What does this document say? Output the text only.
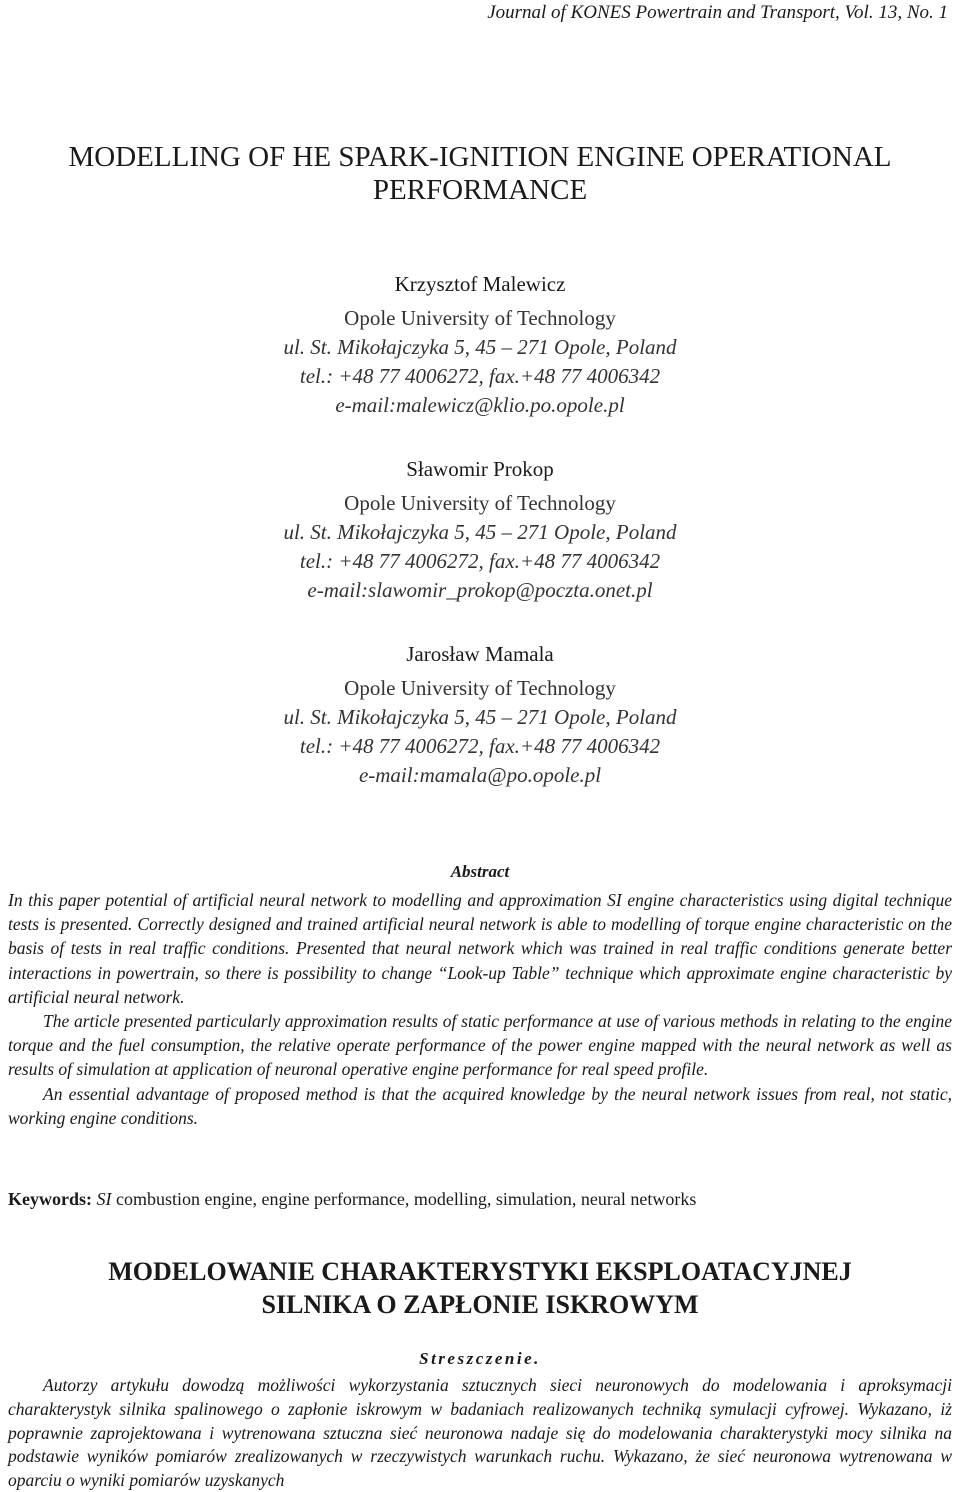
Journal of KONES Powertrain and Transport, Vol. 13, No. 1
MODELLING OF HE SPARK-IGNITION ENGINE OPERATIONAL
PERFORMANCE

Krzysztof Malewicz

Opole University of Technology

ul. St. Mikołajczyka 5, 45 – 271 Opole, Poland

tel.: +48 77 4006272, fax.+48 77 4006342

e-mail:malewicz@klio.po.opole.pl

Sławomir Prokop

Opole University of Technology

ul. St. Mikołajczyka 5, 45 – 271 Opole, Poland

tel.: +48 77 4006272, fax.+48 77 4006342

e-mail:slawomir_prokop@poczta.onet.pl

Jarosław Mamala

Opole University of Technology

ul. St. Mikołajczyka 5, 45 – 271 Opole, Poland

tel.: +48 77 4006272, fax.+48 77 4006342

e-mail:mamala@po.opole.pl

Abstract

In this paper potential of artificial neural network to modelling and approximation SI engine characteristics using digital technique tests is presented. Correctly designed and trained artificial neural network is able to modelling of torque engine characteristic on the basis of tests in real traffic conditions. Presented that neural network which was trained in real traffic conditions generate better interactions in powertrain, so there is possibility to change “Look-up Table” technique which approximate engine characteristic by artificial neural network.

The article presented particularly approximation results of static performance at use of various methods in relating to the engine torque and the fuel consumption, the relative operate performance of the power engine mapped with the neural network as well as results of simulation at application of neuronal operative engine performance for real speed profile.

An essential advantage of proposed method is that the acquired knowledge by the neural network issues from real, not static, working engine conditions.

Keywords: SI combustion engine, engine performance, modelling, simulation, neural networks

MODELOWANIE CHARAKTERYSTYKI EKSPLOATACYJNEJ
SILNIKA O ZAPŁONIE ISKROWYM
Streszczenie.

Autorzy artykułu dowodzą możliwości wykorzystania sztucznych sieci neuronowych do modelowania i aproksymacji charakterystyk silnika spalinowego o zapłonie iskrowym w badaniach realizowanych techniką symulacji cyfrowej. Wykazano, iż poprawnie zaprojektowana i wytrenowana sztuczna sieć neuronowa nadaje się do modelowania charakterystyki mocy silnika na podstawie wyników pomiarów zrealizowanych w rzeczywistych warunkach ruchu. Wykazano, że sieć neuronowa wytrenowana w oparciu o wyniki pomiarów uzyskanych
